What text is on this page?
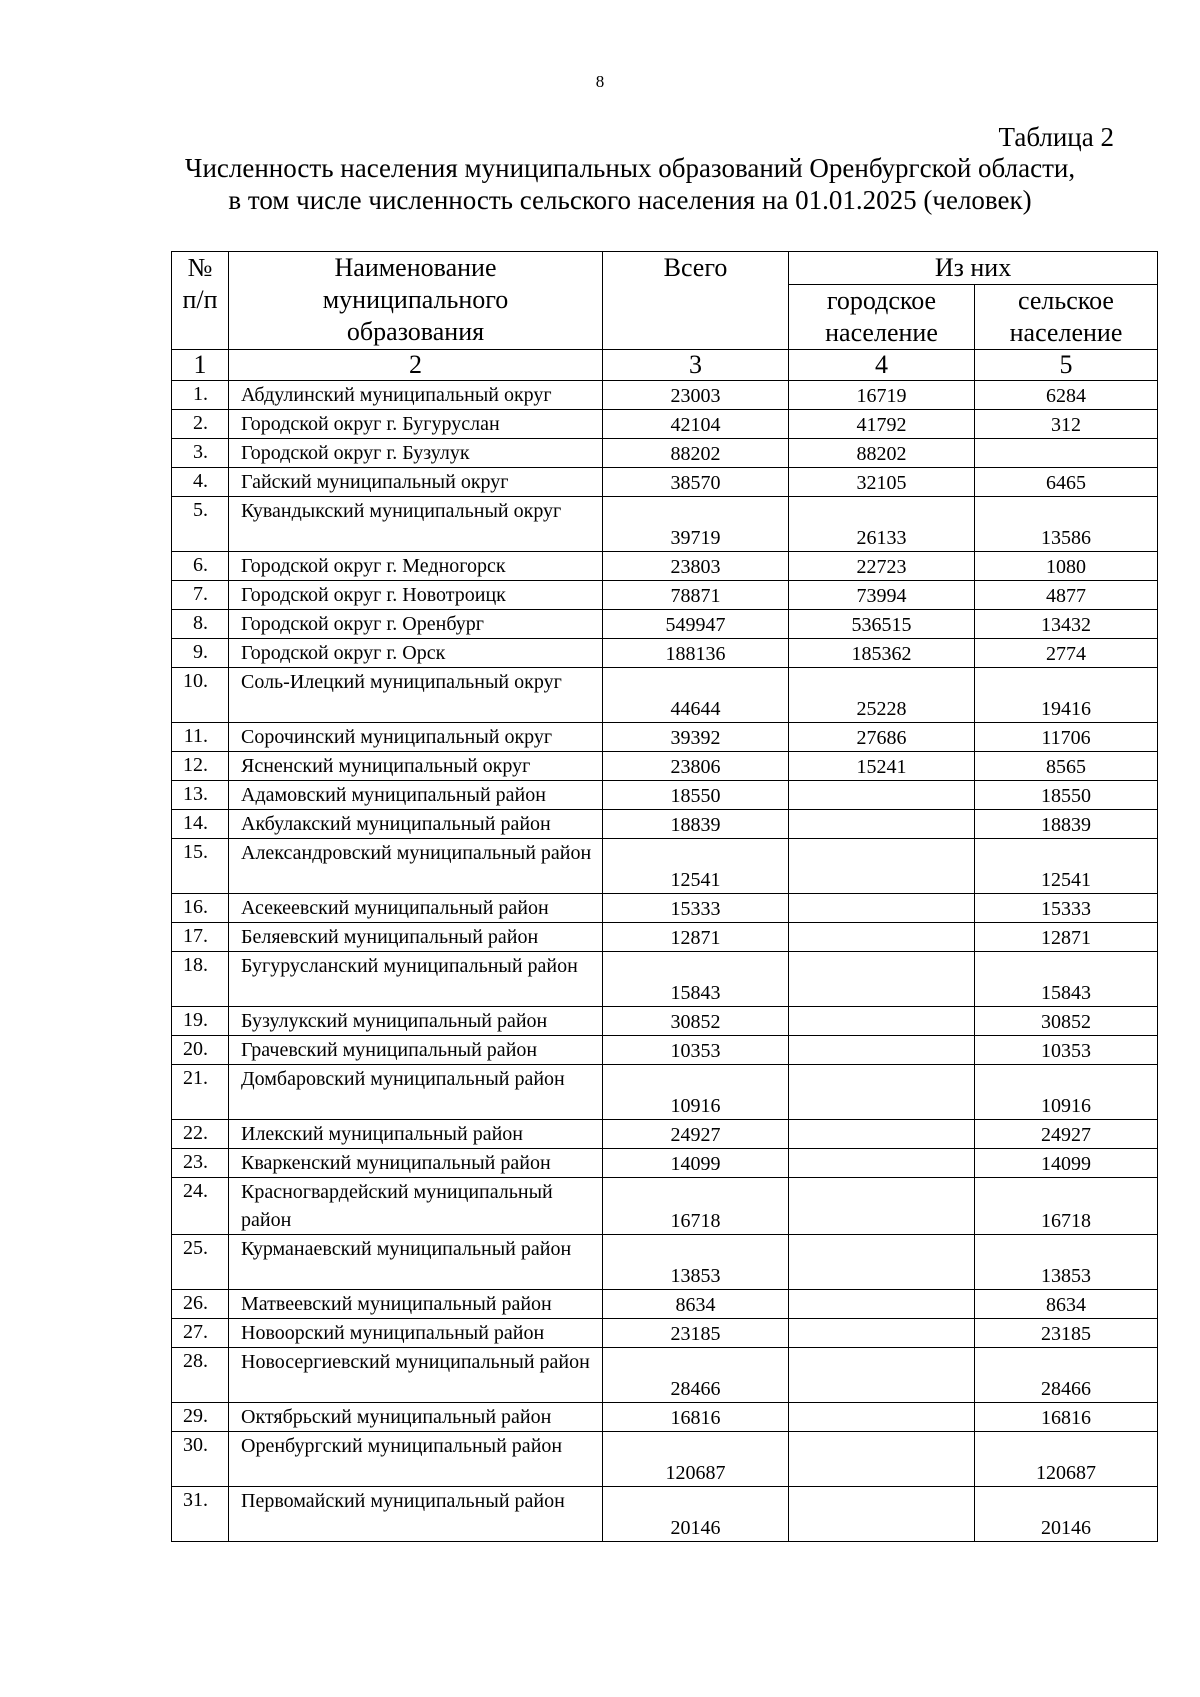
8
Таблица 2
Численность населения муниципальных образований Оренбургской области,
в том числе численность сельского населения на 01.01.2025 (человек)
№ п/п	Наименование муниципального образования	Всего	Из них	
			городское население	сельское население
1	2	3	4	5
1.	Абдулинский муниципальный округ	23003	16719	6284
2.	Городской округ г. Бугуруслан	42104	41792	312
3.	Городской округ г. Бузулук	88202	88202	
4.	Гайский муниципальный округ	38570	32105	6465
5.	Кувандыкский муниципальный округ	39719	26133	13586
6.	Городской округ г. Медногорск	23803	22723	1080
7.	Городской округ г. Новотроицк	78871	73994	4877
8.	Городской округ г. Оренбург	549947	536515	13432
9.	Городской округ г. Орск	188136	185362	2774
10.	Соль-Илецкий муниципальный округ	44644	25228	19416
11.	Сорочинский муниципальный округ	39392	27686	11706
12.	Ясненский муниципальный округ	23806	15241	8565
13.	Адамовский муниципальный район	18550		18550
14.	Акбулакский муниципальный район	18839		18839
15.	Александровский муниципальный район	12541		12541
16.	Асекеевский муниципальный район	15333		15333
17.	Беляевский муниципальный район	12871		12871
18.	Бугурусланский муниципальный район	15843		15843
19.	Бузулукский муниципальный район	30852		30852
20.	Грачевский муниципальный район	10353		10353
21.	Домбаровский муниципальный район	10916		10916
22.	Илекский муниципальный район	24927		24927
23.	Кваркенский муниципальный район	14099		14099
24.	Красногвардейский муниципальный район	16718		16718
25.	Курманаевский муниципальный район	13853		13853
26.	Матвеевский муниципальный район	8634		8634
27.	Новоорский муниципальный район	23185		23185
28.	Новосергиевский муниципальный район	28466		28466
29.	Октябрьский муниципальный район	16816		16816
30.	Оренбургский муниципальный район	120687		120687
31.	Первомайский муниципальный район	20146		20146
